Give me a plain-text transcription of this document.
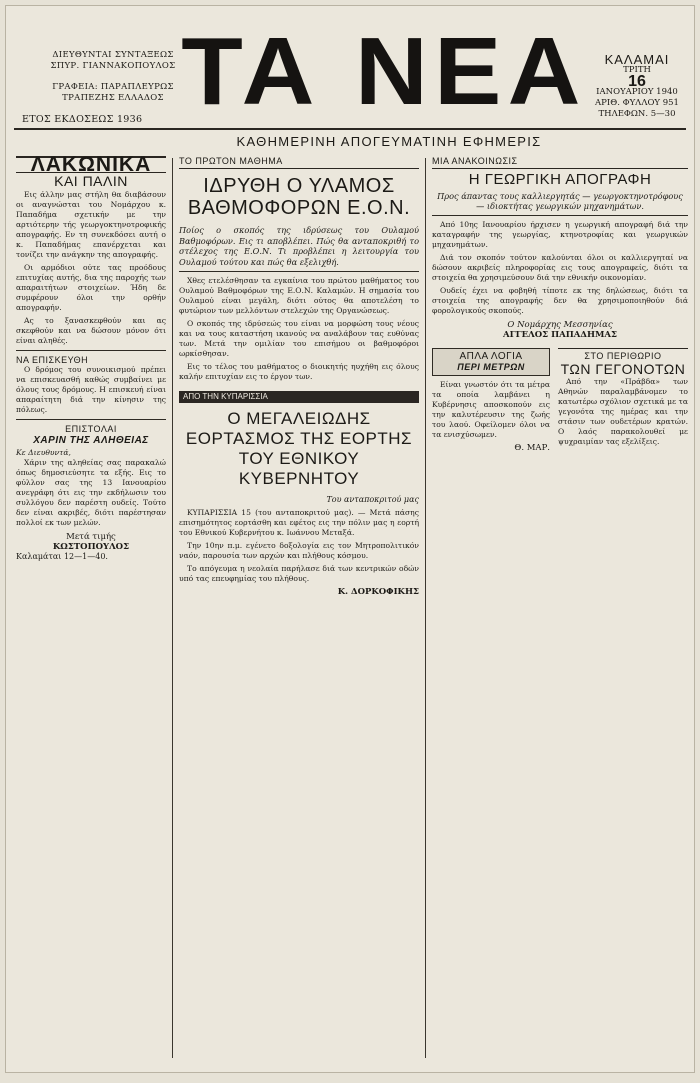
ΔΙΕΥΘΥΝΤΑΙ ΣΥΝΤΑΞΕΩΣ
ΣΠΥΡ. ΓΙΑΝΝΑΚΟΠΟΥΛΟΣ
ΓΡΑΦΕΙΑ: ΠΑΡΑΠΛΕΥΡΩΣ
ΤΡΑΠΕΖΗΣ ΕΛΛΑΔΟΣ
ΕΤΟΣ ΕΚΔΟΣΕΩΣ 1936 ΤΑ ΝΕΑ
ΚΑΘΗΜΕΡΙΝΗ ΑΠΟΓΕΥΜΑΤΙΝΗ ΕΦΗΜΕΡΙΣ
ΚΑΛΑΜΑΙ
ΤΡΙΤΗ
16
ΙΑΝΟΥΑΡΙΟΥ 1940
ΑΡΙΘ. ΦΥΛΛΟΥ 951
ΤΗΛΕΦΩΝ. 5—30
ΛΑΚΩΝΙΚΑ
ΚΑΙ ΠΑΛΙΝ

Εις άλλην μας στήλη θα διαβάσουν οι αναγνώσται του Νομάρχου κ. Παπαδήμα σχετικήν με την αρτιότερην τής γεωργοκτηνοτροφικής απογραφής. Εν τη συνεκδόσει αυτή ο κ. Παπαδήμας επανέρχεται και τονίζει την ανάγκην της απογραφής.

Οι αρμόδιοι ούτε τας προόδους επιτυχίας αυτής, δια της παροχής των απαραιτήτων στοιχείων. Ήδη δε συμφέρουν όλοι την ορθήν απογραφήν.

Ας το ξανασκεφθούν και ας σκεφθούν και να δώσουν μόνον ότι είναι αληθές.

ΝΑ ΕΠΙΣΚΕΥΘΗ

Ο δρόμος του συνοικισμού πρέπει να επισκευασθή καθώς συμβαίνει με όλους τους δρόμους. Η επισκευή είναι απαραίτητη διά την κίνησιν της πόλεως.

ΕΠΙΣΤΟΛΑΙ
ΧΑΡΙΝ ΤΗΣ ΑΛΗΘΕΙΑΣ
Κε Διευθυντά,

Χάριν της αληθείας σας παρακαλώ όπως δημοσιεύσητε τα εξής. Εις το φύλλον σας της 13 Ιανουαρίου ανεγράφη ότι εις την εκδήλωσιν του συλλόγου δεν παρέστη ουδείς. Τούτο δεν είναι ακριβές, διότι παρέστησαν πολλοί εκ των μελών.

Μετά τιμής
ΚΩΣΤΟΠΟΥΛΟΣ
Καλαμάται 12—1—40.
ΤΟ ΠΡΩΤΟΝ ΜΑΘΗΜΑ
ΙΔΡΥΘΗ Ο ΥΛΑΜΟΣ ΒΑΘΜΟΦΟΡΩΝ Ε.Ο.Ν.

Ποίος ο σκοπός της ιδρύσεως του Ουλαμού Βαθμοφόρων. Εις τι αποβλέπει. Πώς θα ανταποκριθή το στέλεχος της Ε.Ο.Ν. Τι προβλέπει η λειτουργία του Ουλαμού τούτου και πώς θα εξελιχθή.

Χθες ετελέσθησαν τα εγκαίνια του πρώτου μαθήματος του Ουλαμού Βαθμοφόρων της Ε.Ο.Ν. Καλαμών. Η σημασία του Ουλαμού είναι μεγάλη, διότι ούτος θα αποτελέση το φυτώριον των μελλόντων στελεχών της Οργανώσεως.

Ο σκοπός της ιδρύσεώς του είναι να μορφώση τους νέους και να τους καταστήση ικανούς να αναλάβουν τας ευθύνας των. Μετά την ομιλίαν του επισήμου οι βαθμοφόροι ωρκίσθησαν.

Εις το τέλος του μαθήματος ο διοικητής ηυχήθη εις όλους καλήν επιτυχίαν εις το έργον των.

ΑΠΟ ΤΗΝ ΚΥΠΑΡΙΣΣΙΑ
Ο ΜΕΓΑΛΕΙΩΔΗΣ ΕΟΡΤΑΣΜΟΣ ΤΗΣ ΕΟΡΤΗΣ ΤΟΥ ΕΘΝΙΚΟΥ ΚΥΒΕΡΝΗΤΟΥ
Του ανταποκριτού μας

ΚΥΠΑΡΙΣΣΙΑ 15 (του ανταποκριτού μας). — Μετά πάσης επισημότητος εορτάσθη και εφέτος εις την πόλιν μας η εορτή του Εθνικού Κυβερνήτου κ. Ιωάννου Μεταξά.

Την 10ην π.μ. εγένετο δοξολογία εις τον Μητροπολιτικόν ναόν, παρουσία των αρχών και πλήθους κόσμου.

Το απόγευμα η νεολαία παρήλασε διά των κεντρικών οδών υπό τας επευφημίας του πλήθους.

Κ. ΔΟΡΚΟΦΙΚΗΣ
ΜΙΑ ΑΝΑΚΟΙΝΩΣΙΣ
Η ΓΕΩΡΓΙΚΗ ΑΠΟΓΡΑΦΗ

Προς άπαντας τους καλλιεργητάς — γεωργοκτηνοτρόφους — ιδιοκτήτας γεωργικών μηχανημάτων.

Από 10ης Ιανουαρίου ήρχισεν η γεωργική απογραφή διά την καταγραφήν της γεωργίας, κτηνοτροφίας και γεωργικών μηχανημάτων.

Διά τον σκοπόν τούτον καλούνται όλοι οι καλλιεργηταί να δώσουν ακριβείς πληροφορίας εις τους απογραφείς, διότι τα στοιχεία θα χρησιμεύσουν διά την εθνικήν οικονομίαν.

Ουδείς έχει να φοβηθή τίποτε εκ της δηλώσεως, διότι τα στοιχεία της απογραφής δεν θα χρησιμοποιηθούν διά φορολογικούς σκοπούς.

Ο Νομάρχης Μεσσηνίας
ΑΓΓΕΛΟΣ ΠΑΠΑΔΗΜΑΣ
ΑΠΛΑ ΛΟΓΙΑ
ΠΕΡΙ ΜΕΤΡΩΝ

Είναι γνωστόν ότι τα μέτρα τα οποία λαμβάνει η Κυβέρνησις αποσκοπούν εις την καλυτέρευσιν της ζωής του λαού. Οφείλομεν όλοι να τα ενισχύσωμεν.

Θ. ΜΑΡ.
ΣΤΟ ΠΕΡΙΘΩΡΙΟ
ΤΩΝ ΓΕΓΟΝΟΤΩΝ

Από την «Πράβδα» των Αθηνών παραλαμβάνομεν το κατωτέρω σχόλιον σχετικά με τα γεγονότα της ημέρας και την στάσιν των ουδετέρων κρατών. Ο λαός παρακολουθεί με ψυχραιμίαν τας εξελίξεις.
